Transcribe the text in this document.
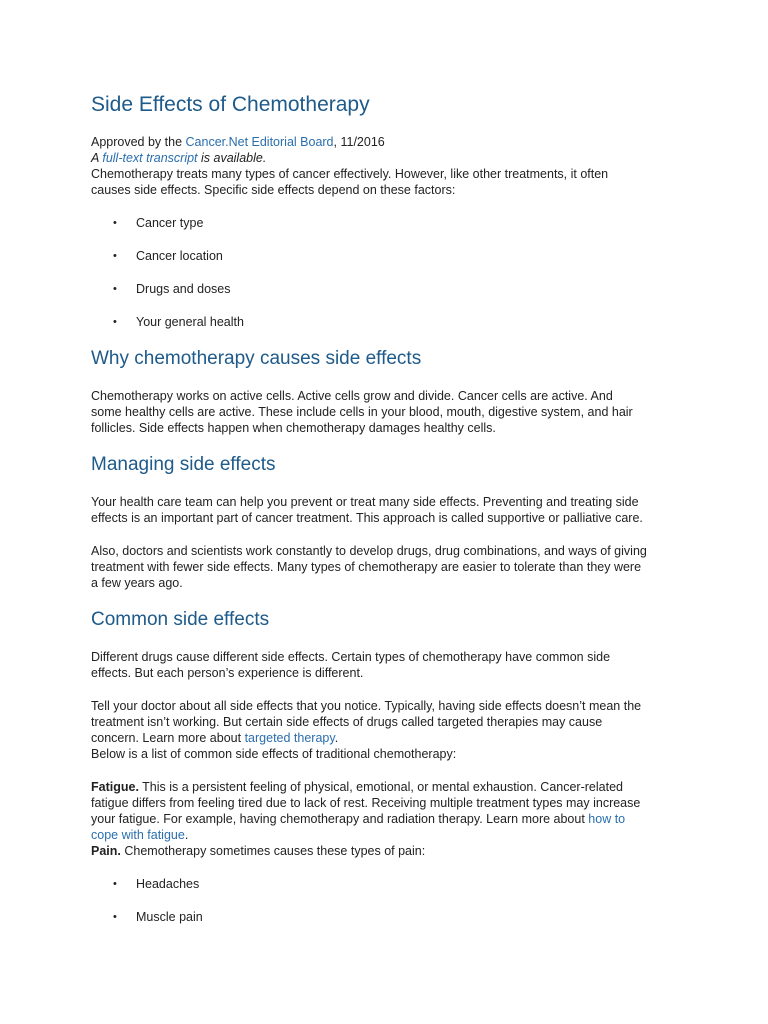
Side Effects of Chemotherapy

Approved by the Cancer.Net Editorial Board, 11/2016

A full-text transcript is available.

Chemotherapy treats many types of cancer effectively. However, like other treatments, it often
causes side effects. Specific side effects depend on these factors:

• Cancer type
• Cancer location
• Drugs and doses
• Your general health
Why chemotherapy causes side effects

Chemotherapy works on active cells. Active cells grow and divide. Cancer cells are active. And
some healthy cells are active. These include cells in your blood, mouth, digestive system, and hair
follicles. Side effects happen when chemotherapy damages healthy cells.

Managing side effects

Your health care team can help you prevent or treat many side effects. Preventing and treating side
effects is an important part of cancer treatment. This approach is called supportive or palliative care.

Also, doctors and scientists work constantly to develop drugs, drug combinations, and ways of giving
treatment with fewer side effects. Many types of chemotherapy are easier to tolerate than they were
a few years ago.

Common side effects

Different drugs cause different side effects. Certain types of chemotherapy have common side
effects. But each person’s experience is different.

Tell your doctor about all side effects that you notice. Typically, having side effects doesn’t mean the
treatment isn’t working. But certain side effects of drugs called targeted therapies may cause
concern. Learn more about targeted therapy.

Below is a list of common side effects of traditional chemotherapy:

Fatigue. This is a persistent feeling of physical, emotional, or mental exhaustion. Cancer-related
fatigue differs from feeling tired due to lack of rest. Receiving multiple treatment types may increase
your fatigue. For example, having chemotherapy and radiation therapy. Learn more about how to
cope with fatigue.

Pain. Chemotherapy sometimes causes these types of pain:

• Headaches
• Muscle pain
